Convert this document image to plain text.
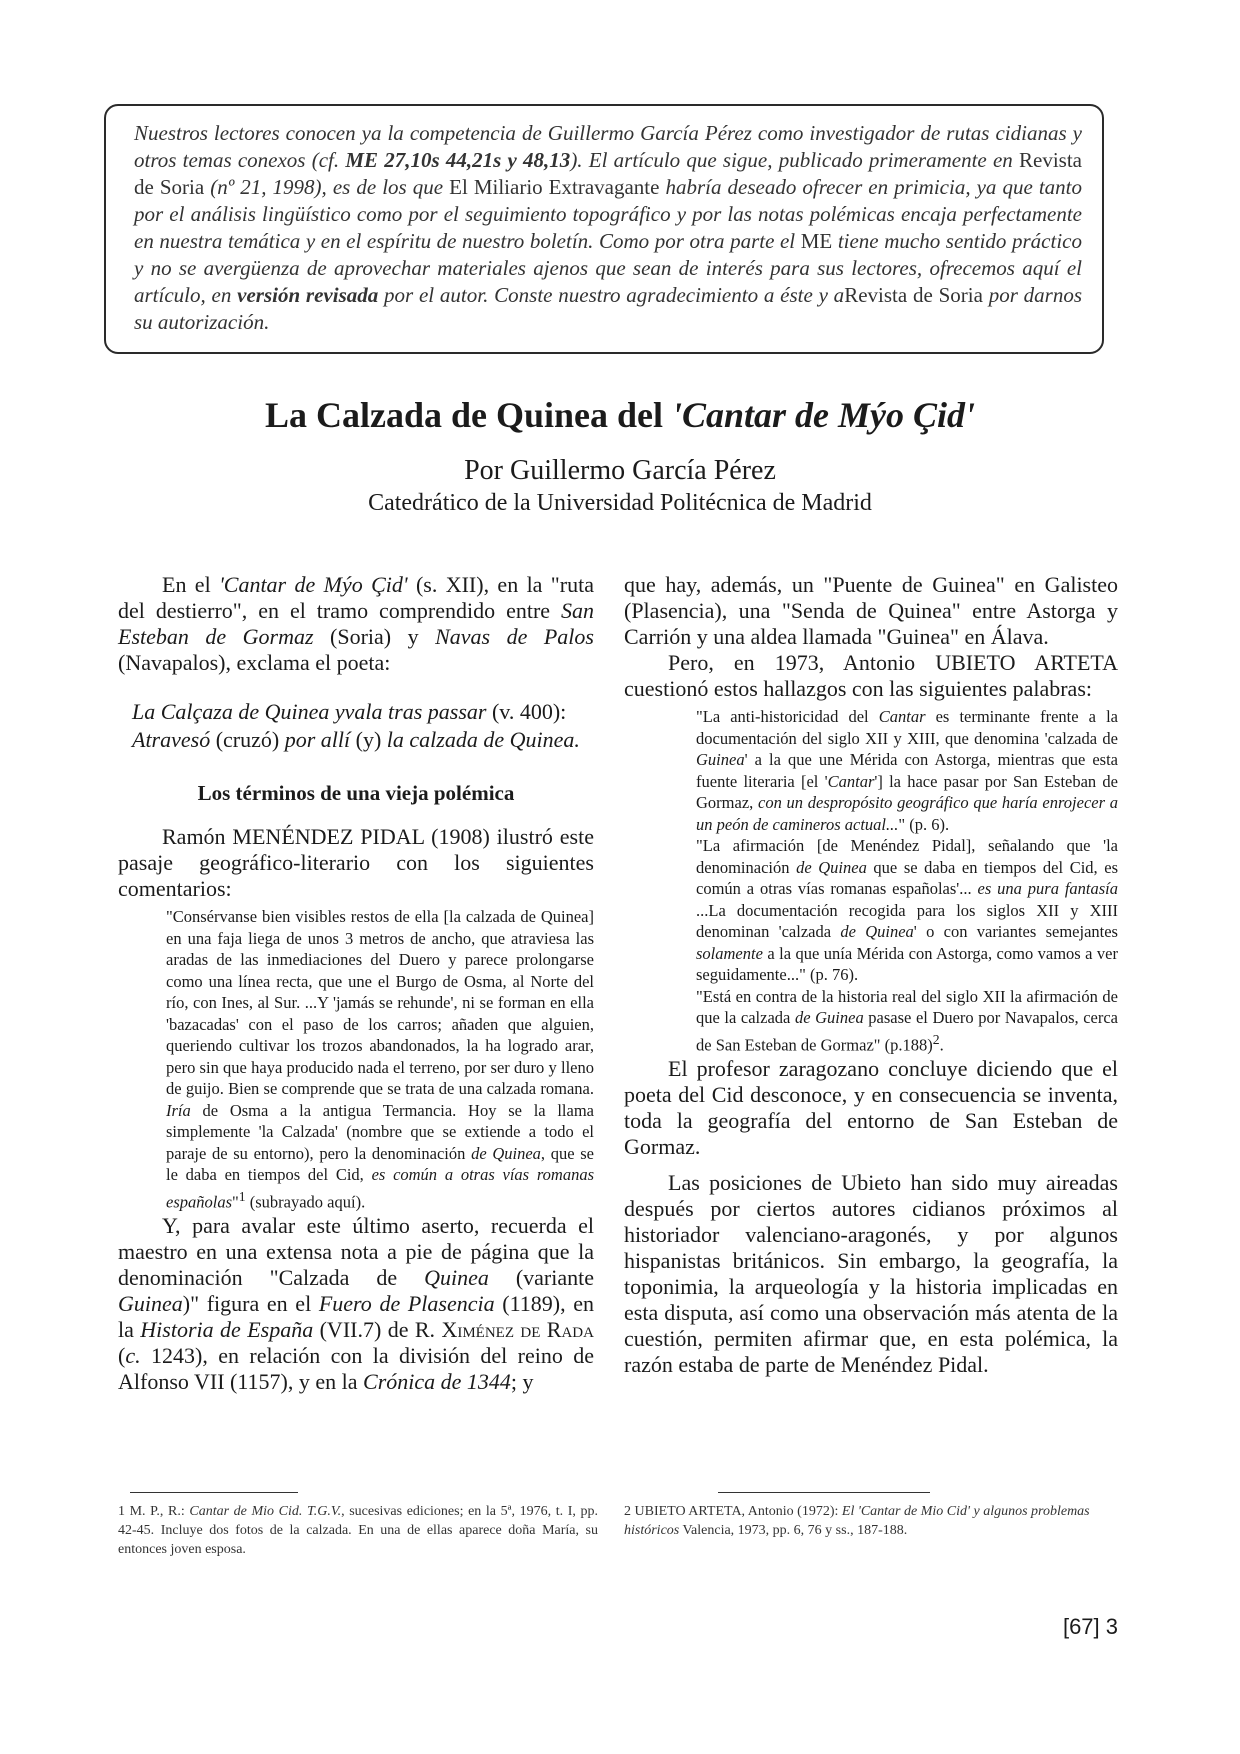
Nuestros lectores conocen ya la competencia de Guillermo García Pérez como investigador de rutas cidianas y otros temas conexos (cf. ME 27,10s 44,21s y 48,13). El artículo que sigue, publicado primeramente en Revista de Soria (nº 21, 1998), es de los que El Miliario Extravagante habría deseado ofrecer en primicia, ya que tanto por el análisis lingüístico como por el seguimiento topográfico y por las notas polémicas encaja perfectamente en nuestra temática y en el espíritu de nuestro boletín. Como por otra parte el ME tiene mucho sentido práctico y no se avergüenza de aprovechar materiales ajenos que sean de interés para sus lectores, ofrecemos aquí el artículo, en versión revisada por el autor. Conste nuestro agradecimiento a éste y aRevista de Soria por darnos su autorización.

La Calzada de Quinea del 'Cantar de Mýo Çid'
Por Guillermo García Pérez
Catedrático de la Universidad Politécnica de Madrid

En el 'Cantar de Mýo Çid' (s. XII), en la "ruta del destierro", en el tramo comprendido entre San Esteban de Gormaz (Soria) y Navas de Palos (Navapalos), exclama el poeta:

La Calçaza de Quinea yvala tras passar (v. 400):
Atravesó (cruzó) por allí (y) la calzada de Quinea.
Los términos de una vieja polémica

Ramón MENÉNDEZ PIDAL (1908) ilustró este pasaje geográfico-literario con los siguientes comentarios:

"Consérvanse bien visibles restos de ella [la calzada de Quinea] en una faja liega de unos 3 metros de ancho, que atraviesa las aradas de las inmediaciones del Duero y parece prolongarse como una línea recta, que une el Burgo de Osma, al Norte del río, con Ines, al Sur. ...Y 'jamás se rehunde', ni se forman en ella 'bazacadas' con el paso de los carros; añaden que alguien, queriendo cultivar los trozos abandonados, la ha logrado arar, pero sin que haya producido nada el terreno, por ser duro y lleno de guijo. Bien se comprende que se trata de una calzada romana. Iría de Osma a la antigua Termancia. Hoy se la llama simplemente 'la Calzada' (nombre que se extiende a todo el paraje de su entorno), pero la denominación de Quinea, que se le daba en tiempos del Cid, es común a otras vías romanas españolas"$^1$ (subrayado aquí).

Y, para avalar este último aserto, recuerda el maestro en una extensa nota a pie de página que la denominación "Calzada de Quinea (variante Guinea)" figura en el Fuero de Plasencia (1189), en la Historia de España (VII.7) de R. Ximénez de Rada (c. 1243), en relación con la división del reino de Alfonso VII (1157), y en la Crónica de 1344; y

que hay, además, un "Puente de Guinea" en Galisteo (Plasencia), una "Senda de Quinea" entre Astorga y Carrión y una aldea llamada "Guinea" en Álava.

Pero, en 1973, Antonio UBIETO ARTETA cuestionó estos hallazgos con las siguientes palabras:

"La anti-historicidad del Cantar es terminante frente a la documentación del siglo XII y XIII, que denomina 'calzada de Guinea' a la que une Mérida con Astorga, mientras que esta fuente literaria [el 'Cantar'] la hace pasar por San Esteban de Gormaz, con un despropósito geográfico que haría enrojecer a un peón de camineros actual..." (p. 6).

"La afirmación [de Menéndez Pidal], señalando que 'la denominación de Quinea que se daba en tiempos del Cid, es común a otras vías romanas españolas'... es una pura fantasía ...La documentación recogida para los siglos XII y XIII denominan 'calzada de Quinea' o con variantes semejantes solamente a la que unía Mérida con Astorga, como vamos a ver seguidamente..." (p. 76).

"Está en contra de la historia real del siglo XII la afirmación de que la calzada de Guinea pasase el Duero por Navapalos, cerca de San Esteban de Gormaz" $(p.188)^2$.

El profesor zaragozano concluye diciendo que el poeta del Cid desconoce, y en consecuencia se inventa, toda la geografía del entorno de San Esteban de Gormaz.

Las posiciones de Ubieto han sido muy aireadas después por ciertos autores cidianos próximos al historiador valenciano-aragonés, y por algunos hispanistas británicos. Sin embargo, la geografía, la toponimia, la arqueología y la historia implicadas en esta disputa, así como una observación más atenta de la cuestión, permiten afirmar que, en esta polémica, la razón estaba de parte de Menéndez Pidal.

1 M. P., R.: Cantar de Mio Cid. T.G.V., sucesivas ediciones; en la 5ª, 1976, t. I, pp. 42-45. Incluye dos fotos de la calzada. En una de ellas aparece doña María, su entonces joven esposa.
2 UBIETO ARTETA, Antonio (1972): El 'Cantar de Mio Cid' y algunos problemas históricos Valencia, 1973, pp. 6, 76 y ss., 187-188.
[67] 3
